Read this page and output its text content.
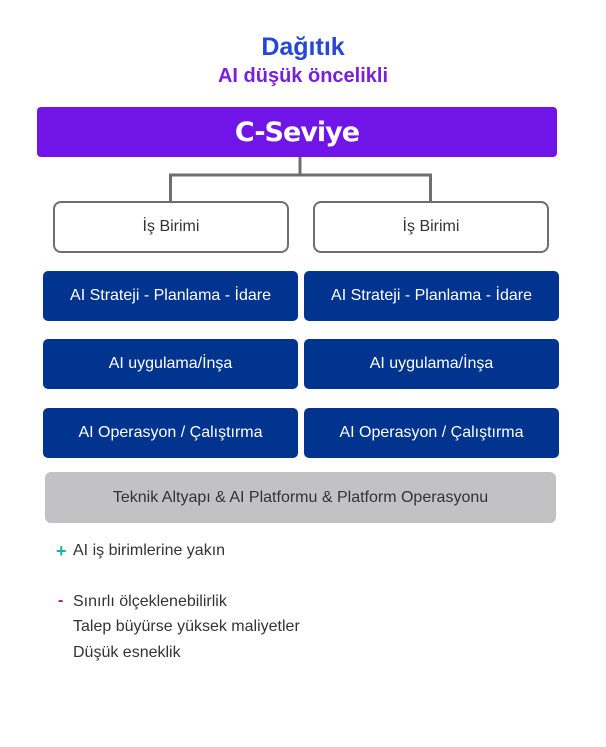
Dağıtık
AI düşük öncelikli
C-Seviye
İş Birimi
AI Strateji - Planlama - İdare
AI uygulama/İnşa
AI Operasyon / Çalıştırma
İş Birimi
AI Strateji - Planlama - İdare
AI uygulama/İnşa
AI Operasyon / Çalıştırma
Teknik Altyapı & AI Platformu & Platform Operasyonu
+ AI iş birimlerine yakın
- Sınırlı ölçeklenebilirlik
Talep büyürse yüksek maliyetler
Düşük esneklik
